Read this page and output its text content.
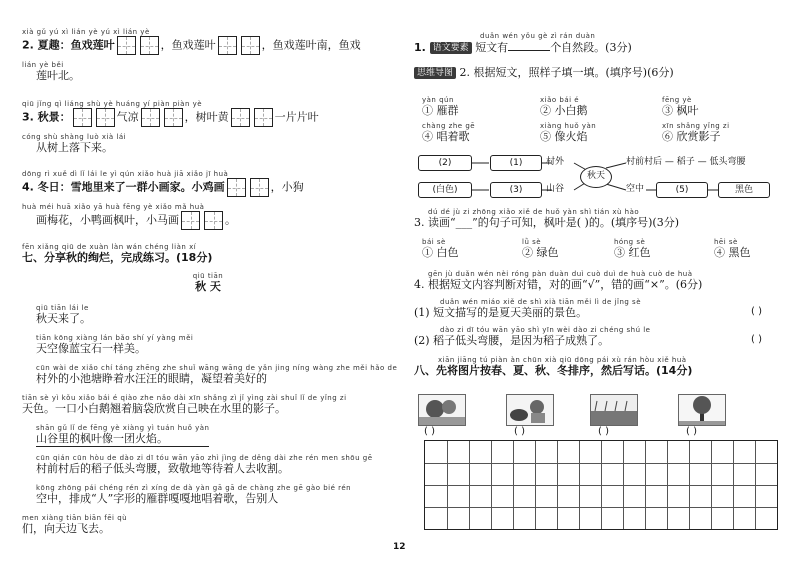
xià gǔ yú xì lián yè yú xì lián yè
2. 夏趣：鱼戏莲叶	，鱼戏莲叶	，鱼戏莲叶南，鱼戏
lián yè běi
莲叶北。
qiū jǐng qì liáng shù yè huáng yí piàn piàn yè
3. 秋景：	气凉	，树叶黄	一片片叶
cóng shù shàng luò xià lái
从树上落下来。
dōng rì xuě dì lǐ lái le yì qún xiǎo huà jiā xiǎo jī huà
4. 冬日：雪地里来了一群小画家。小鸡画	，小狗
huà méi huā xiǎo yā huà fēng yè xiǎo mǎ huà
画梅花，小鸭画枫叶，小马画	。
fēn xiǎng qiū de xuàn làn wán chéng liàn xí
七、分享秋的绚烂，完成练习。(18分)
qiū tiān
秋 天
qiū tiān lái le
秋天来了。
tiān kōng xiàng lán bǎo shí yí yàng měi
天空像蓝宝石一样美。
cūn wài de xiǎo chí táng zhēng zhe shuǐ wāng wāng de yǎn jing níng wàng zhe měi hǎo de
村外的小池塘睁着水汪汪的眼睛，凝望着美好的
tiān sè yì kǒu xiǎo bái é qiào zhe nǎo dài xīn shǎng zì jǐ yìng zài shuǐ lǐ de yǐng zi
天色。一口小白鹅翘着脑袋欣赏自己映在水里的影子。
shān gǔ lǐ de fēng yè xiàng yì tuán huǒ yàn
山谷里的枫叶像一团火焰。
cūn qián cūn hòu de dào zi dī tóu wān yāo zhì jìng de děng dài zhe rén men shōu gē
村前村后的稻子低头弯腰，致敬地等待着人去收割。
kōng zhōng pái chéng rén zì xíng de dà yàn gā gā de chàng zhe gē gào bié rén
空中，排成“人”字形的雁群嘎嘎地唱着歌，告别人
men xiàng tiān biān fēi qù
们，向天边飞去。
duǎn wén yǒu gè zì rán duàn
1. 语文要素 短文有	个自然段。(3分)
思维导图 2. 根据短文，照样子填一填。(填序号)(6分)
yàn qún
① 雁群
xiǎo bái é
② 小白鹅
fēng yè
③ 枫叶
chàng zhe gē
④ 唱着歌
xiàng huǒ yàn
⑤ 像火焰
xīn shǎng yǐng zi
⑥ 欣赏影子
(2)	(1)	村外	村前村后 — 稻子 — 低头弯腰
(白色)	(3)	山谷
秋天
空中	(5)	黑色
dú dé jù zi zhōng xiǎo xiě de huǒ yàn shì tián xù hào
3. 读画“___”的句子可知，枫叶是( )的。(填序号)(3分)
bái sè
① 白色
lǜ sè
② 绿色
hóng sè
③ 红色
hēi sè
④ 黑色
gēn jù duǎn wén nèi róng pàn duàn duì cuò duì de huà cuò de huà
4. 根据短文内容判断对错，对的画“√”，错的画“×”。(6分)
duǎn wén miáo xiě de shì xià tiān měi lì de jǐng sè
(1) 短文描写的是夏天美丽的景色。	( )
dào zi dī tóu wān yāo shì yīn wèi dào zi chéng shú le
(2) 稻子低头弯腰，是因为稻子成熟了。	( )
xiān jiāng tú piàn àn chūn xià qiū dōng pái xù rán hòu xiě huà
八、先将图片按春、夏、秋、冬排序，然后写话。(14分)
( )	( )	( )	( )
12
